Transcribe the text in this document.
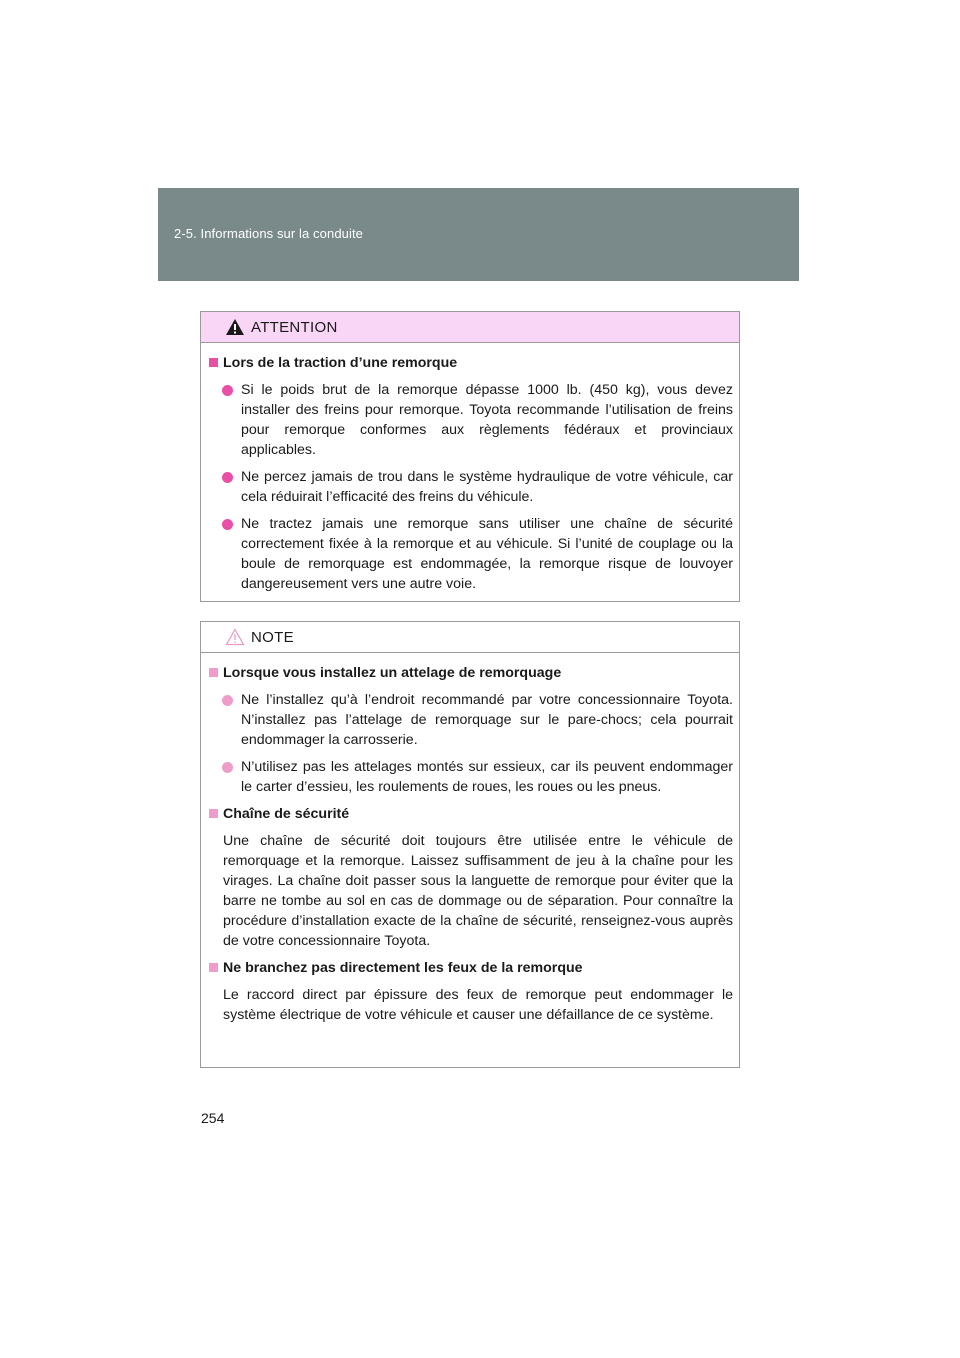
2-5. Informations sur la conduite
ATTENTION
Lors de la traction d’une remorque
Si le poids brut de la remorque dépasse 1000 lb. (450 kg), vous devez installer des freins pour remorque. Toyota recommande l’utilisation de freins pour remorque conformes aux règlements fédéraux et provinciaux applicables.
Ne percez jamais de trou dans le système hydraulique de votre véhicule, car cela réduirait l’efficacité des freins du véhicule.
Ne tractez jamais une remorque sans utiliser une chaîne de sécurité correctement fixée à la remorque et au véhicule. Si l’unité de couplage ou la boule de remorquage est endommagée, la remorque risque de louvoyer dangereusement vers une autre voie.
NOTE
Lorsque vous installez un attelage de remorquage
Ne l’installez qu’à l’endroit recommandé par votre concessionnaire Toyota. N’installez pas l’attelage de remorquage sur le pare-chocs; cela pourrait endommager la carrosserie.
N’utilisez pas les attelages montés sur essieux, car ils peuvent endommager le carter d’essieu, les roulements de roues, les roues ou les pneus.
Chaîne de sécurité
Une chaîne de sécurité doit toujours être utilisée entre le véhicule de remorquage et la remorque. Laissez suffisamment de jeu à la chaîne pour les virages. La chaîne doit passer sous la languette de remorque pour éviter que la barre ne tombe au sol en cas de dommage ou de séparation. Pour connaître la procédure d’installation exacte de la chaîne de sécurité, renseignez-vous auprès de votre concessionnaire Toyota.
Ne branchez pas directement les feux de la remorque
Le raccord direct par épissure des feux de remorque peut endommager le système électrique de votre véhicule et causer une défaillance de ce système.
254
